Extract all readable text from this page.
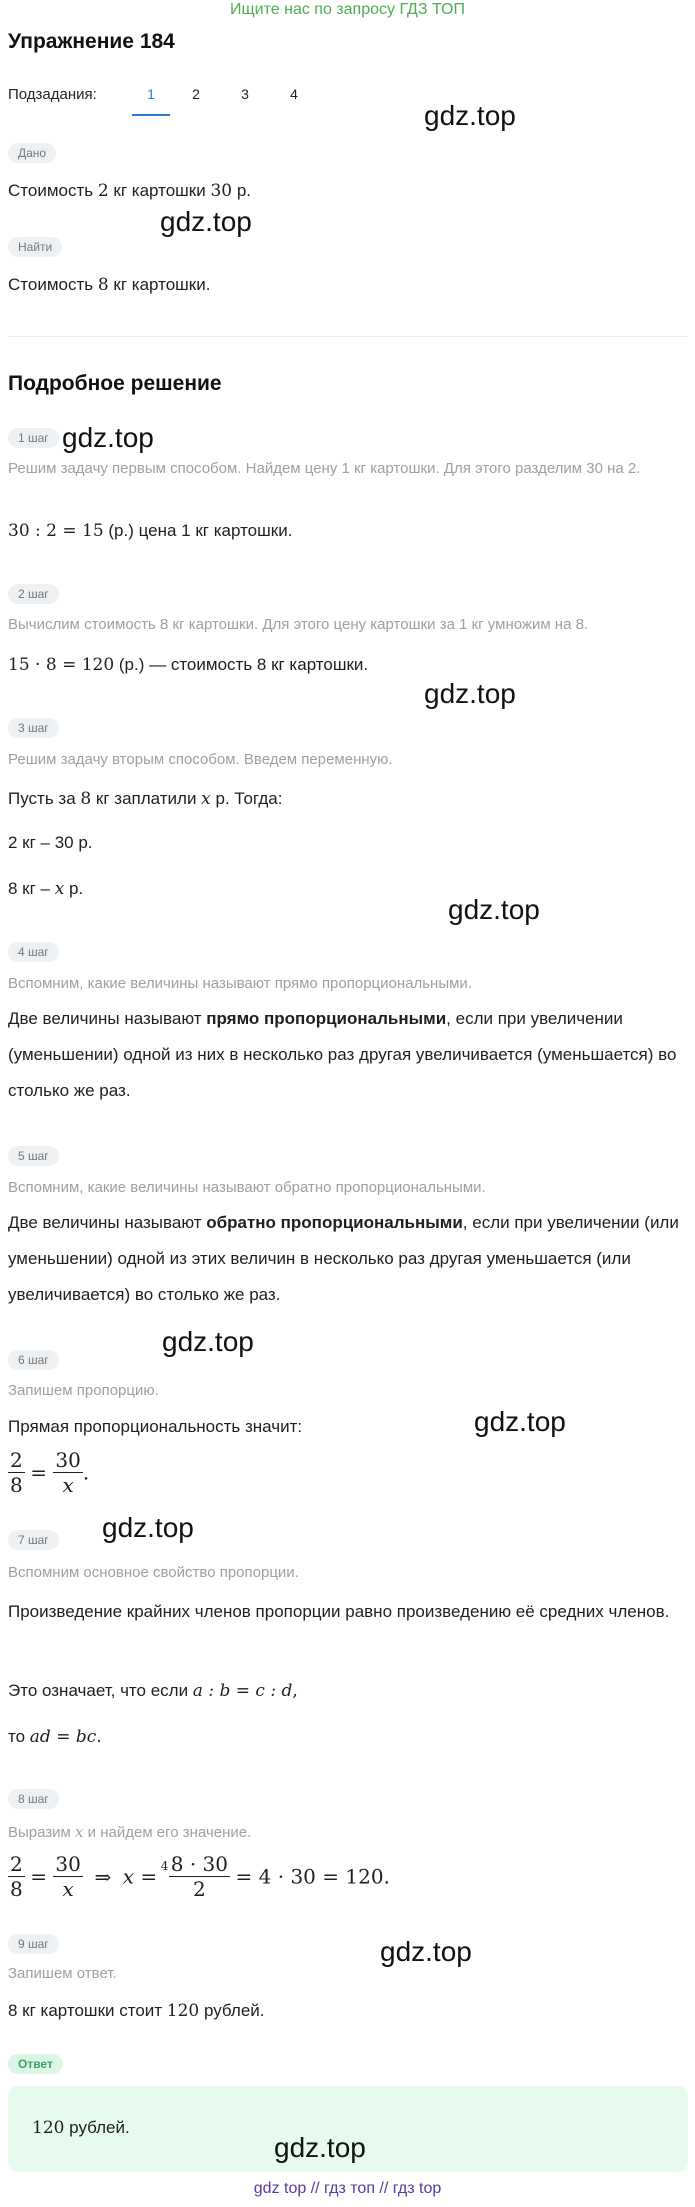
Ищите нас по запросу ГДЗ ТОП
Упражнение 184
Подзадания:	1	2	3	4
gdz.top
Дано
Стоимость 2 кг картошки 30 р.
gdz.top
Найти
Стоимость 8 кг картошки.
Подробное решение
1 шаг gdz.top
Решим задачу первым способом. Найдем цену 1 кг картошки. Для этого разделим 30 на 2.
30 : 2 = 15 (р.) цена 1 кг картошки.
2 шаг
Вычислим стоимость 8 кг картошки. Для этого цену картошки за 1 кг умножим на 8.
15 · 8 = 120 (р.) — стоимость 8 кг картошки.
gdz.top
3 шаг
Решим задачу вторым способом. Введем переменную.
Пусть за 8 кг заплатили x р. Тогда:
2 кг – 30 р.
8 кг – x р.
gdz.top
4 шаг
Вспомним, какие величины называют прямо пропорциональными.
Две величины называют прямо пропорциональными, если при увеличении (уменьшении) одной из них в несколько раз другая увеличивается (уменьшается) во столько же раз.
5 шаг
Вспомним, какие величины называют обратно пропорциональными.
Две величины называют обратно пропорциональными, если при увеличении (или уменьшении) одной из этих величин в несколько раз другая уменьшается (или увеличивается) во столько же раз.
gdz.top
6 шаг
Запишем пропорцию.
gdz.top
Прямая пропорциональность значит:
$\frac{2}{8} = \frac{30}{x}$ .
7 шаг	gdz.top
Вспомним основное свойство пропорции.
Произведение крайних членов пропорции равно произведению её средних членов.
Это означает, что если a : b = c : d,
то ad = bc.
8 шаг
Выразим x и найдем его значение.
$\frac{2}{8} = \frac{30}{x}$ ⇒ x = 4 8 · 30
2
= 4 · 30 = 120.
9 шаг	gdz.top
Запишем ответ.
8 кг картошки стоит 120 рублей.
Ответ
120 рублей.
gdz.top
gdz top // гдз топ // гдз top
